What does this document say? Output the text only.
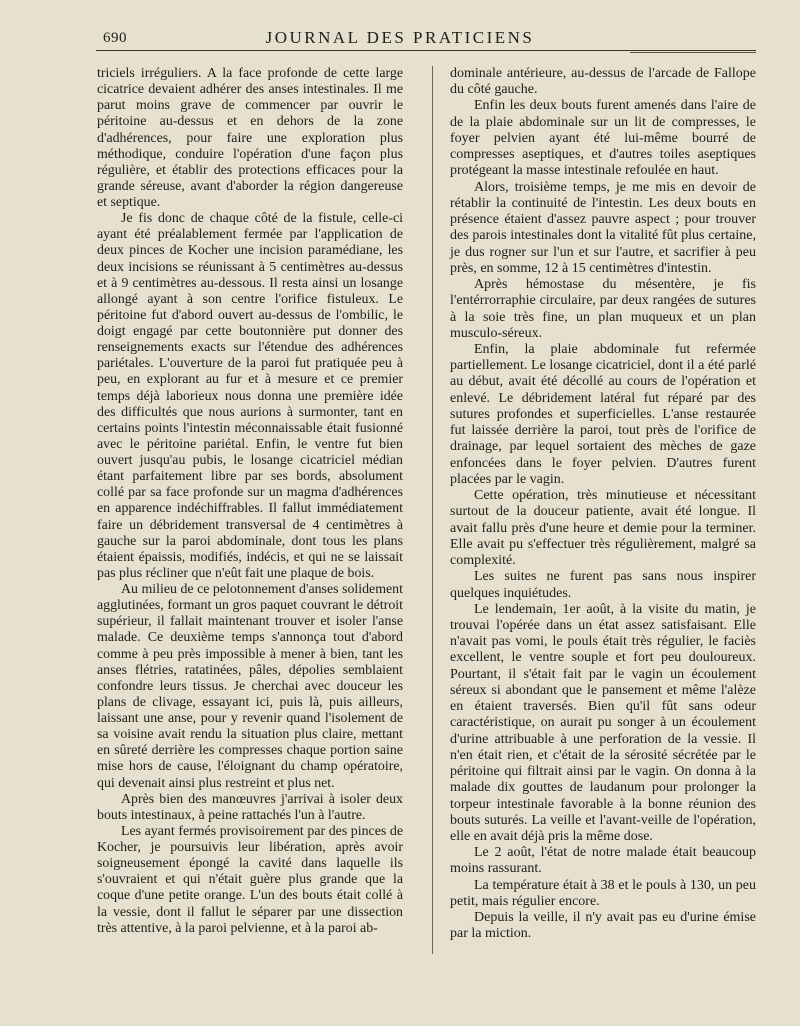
690	JOURNAL DES PRATICIENS

triciels irréguliers. A la face profonde de cette large cicatrice devaient adhérer des anses intestinales. Il me parut moins grave de commencer par ouvrir le péritoine au-dessus et en dehors de la zone d'adhérences, pour faire une exploration plus méthodique, conduire l'opération d'une façon plus régulière, et établir des protections efficaces pour la grande séreuse, avant d'aborder la région dangereuse et septique.

Je fis donc de chaque côté de la fistule, celle-ci ayant été préalablement fermée par l'application de deux pinces de Kocher une incision paramédiane, les deux incisions se réunissant à 5 centimètres au-dessus et à 9 centimètres au-dessous. Il resta ainsi un losange allongé ayant à son centre l'orifice fistuleux. Le péritoine fut d'abord ouvert au-dessus de l'ombilic, le doigt engagé par cette boutonnière put donner des renseignements exacts sur l'étendue des adhérences pariétales. L'ouverture de la paroi fut pratiquée peu à peu, en explorant au fur et à mesure et ce premier temps déjà laborieux nous donna une première idée des difficultés que nous aurions à surmonter, tant en certains points l'intestin méconnaissable était fusionné avec le péritoine pariétal. Enfin, le ventre fut bien ouvert jusqu'au pubis, le losange cicatriciel médian étant parfaitement libre par ses bords, absolument collé par sa face profonde sur un magma d'adhérences en apparence indéchiffrables. Il fallut immédiatement faire un débridement transversal de 4 centimètres à gauche sur la paroi abdominale, dont tous les plans étaient épaissis, modifiés, indécis, et qui ne se laissait pas plus récliner que n'eût fait une plaque de bois.

Au milieu de ce pelotonnement d'anses solidement agglutinées, formant un gros paquet couvrant le détroit supérieur, il fallait maintenant trouver et isoler l'anse malade. Ce deuxième temps s'annonça tout d'abord comme à peu près impossible à mener à bien, tant les anses flétries, ratatinées, pâles, dépolies semblaient confondre leurs tissus. Je cherchai avec douceur les plans de clivage, essayant ici, puis là, puis ailleurs, laissant une anse, pour y revenir quand l'isolement de sa voisine avait rendu la situation plus claire, mettant en sûreté derrière les compresses chaque portion saine mise hors de cause, l'éloignant du champ opératoire, qui devenait ainsi plus restreint et plus net.

Après bien des manœuvres j'arrivai à isoler deux bouts intestinaux, à peine rattachés l'un à l'autre.

Les ayant fermés provisoirement par des pinces de Kocher, je poursuivis leur libération, après avoir soigneusement épongé la cavité dans laquelle ils s'ouvraient et qui n'était guère plus grande que la coque d'une petite orange. L'un des bouts était collé à la vessie, dont il fallut le séparer par une dissection très attentive, à la paroi pelvienne, et à la paroi ab-

dominale antérieure, au-dessus de l'arcade de Fallope du côté gauche.

Enfin les deux bouts furent amenés dans l'aire de de la plaie abdominale sur un lit de compresses, le foyer pelvien ayant été lui-même bourré de compresses aseptiques, et d'autres toiles aseptiques protégeant la masse intestinale refoulée en haut.

Alors, troisième temps, je me mis en devoir de rétablir la continuité de l'intestin. Les deux bouts en présence étaient d'assez pauvre aspect ; pour trouver des parois intestinales dont la vitalité fût plus certaine, je dus rogner sur l'un et sur l'autre, et sacrifier à peu près, en somme, 12 à 15 centimètres d'intestin.

Après hémostase du mésentère, je fis l'entérrorraphie circulaire, par deux rangées de sutures à la soie très fine, un plan muqueux et un plan musculo-séreux.

Enfin, la plaie abdominale fut refermée partiellement. Le losange cicatriciel, dont il a été parlé au début, avait été décollé au cours de l'opération et enlevé. Le débridement latéral fut réparé par des sutures profondes et superficielles. L'anse restaurée fut laissée derrière la paroi, tout près de l'orifice de drainage, par lequel sortaient des mèches de gaze enfoncées dans le foyer pelvien. D'autres furent placées par le vagin.

Cette opération, très minutieuse et nécessitant surtout de la douceur patiente, avait été longue. Il avait fallu près d'une heure et demie pour la terminer. Elle avait pu s'effectuer très régulièrement, malgré sa complexité.

Les suites ne furent pas sans nous inspirer quelques inquiétudes.

Le lendemain, 1er août, à la visite du matin, je trouvai l'opérée dans un état assez satisfaisant. Elle n'avait pas vomi, le pouls était très régulier, le faciès excellent, le ventre souple et fort peu douloureux. Pourtant, il s'était fait par le vagin un écoulement séreux si abondant que le pansement et même l'alèze en étaient traversés. Bien qu'il fût sans odeur caractéristique, on aurait pu songer à un écoulement d'urine attribuable à une perforation de la vessie. Il n'en était rien, et c'était de la sérosité sécrétée par le péritoine qui filtrait ainsi par le vagin. On donna à la malade dix gouttes de laudanum pour prolonger la torpeur intestinale favorable à la bonne réunion des bouts suturés. La veille et l'avant-veille de l'opération, elle en avait déjà pris la même dose.

Le 2 août, l'état de notre malade était beaucoup moins rassurant.

La température était à 38 et le pouls à 130, un peu petit, mais régulier encore.

Depuis la veille, il n'y avait pas eu d'urine émise par la miction.
